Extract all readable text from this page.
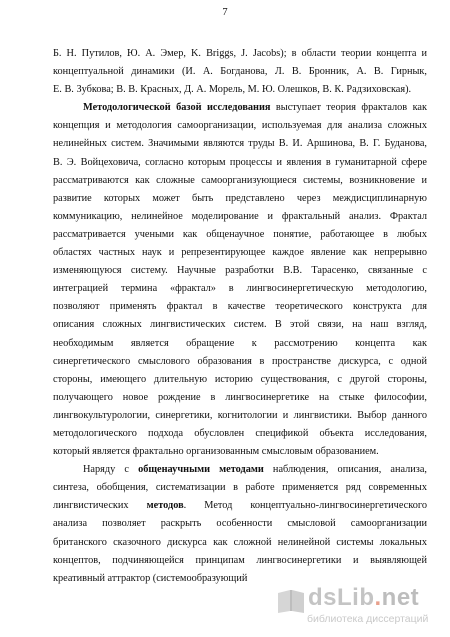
7
Б. Н. Путилов, Ю. А. Эмер, K. Briggs, J. Jacobs); в области теории концепта и
концептуальной динамики (И. А. Богданова, Л. В. Бронник, А. В. Гирнык,
Е. В. Зубкова; В. В. Красных, Д. А. Морель, М. Ю. Олешков, В. К. Радзиховская).
Методологической базой исследования выступает теория фракталов как
концепция и методология самоорганизации, используемая для анализа сложных
нелинейных систем. Значимыми являются труды В. И. Аршинова, В. Г. Буданова,
В. Э. Войцеховича, согласно которым процессы и явления в гуманитарной сфере
рассматриваются как сложные самоорганизующиеся системы, возникновение и
развитие которых может быть представлено через междисциплинарную
коммуникацию, нелинейное моделирование и фрактальный анализ. Фрактал
рассматривается учеными как общенаучное понятие, работающее в любых
областях частных наук и репрезентирующее каждое явление как непрерывно
изменяющуюся систему. Научные разработки В.В. Тарасенко, связанные с
интеграцией термина «фрактал» в лингвосинергетическую методологию,
позволяют применять фрактал в качестве теоретического конструкта для
описания сложных лингвистических систем. В этой связи, на наш взгляд,
необходимым является обращение к рассмотрению концепта как
синергетического смыслового образования в пространстве дискурса, с одной
стороны, имеющего длительную историю существования, с другой стороны,
получающего новое рождение в лингвосинергетике на стыке философии,
лингвокультурологии, синергетики, когнитологии и лингвистики. Выбор данного
методологического подхода обусловлен спецификой объекта исследования,
который является фрактально организованным смысловым образованием.
Наряду с общенаучными методами наблюдения, описания, анализа,
синтеза, обобщения, систематизации в работе применяется ряд современных
лингвистических методов. Метод концептуально-лингвосинергетического
анализа позволяет раскрыть особенности смысловой самоорганизации
британского сказочного дискурса как сложной нелинейной системы локальных
концептов, подчиняющейся принципам лингвосинергетики и выявляющей
креативный аттрактор (системообразующий
dsLib.net
библиотека диссертаций
